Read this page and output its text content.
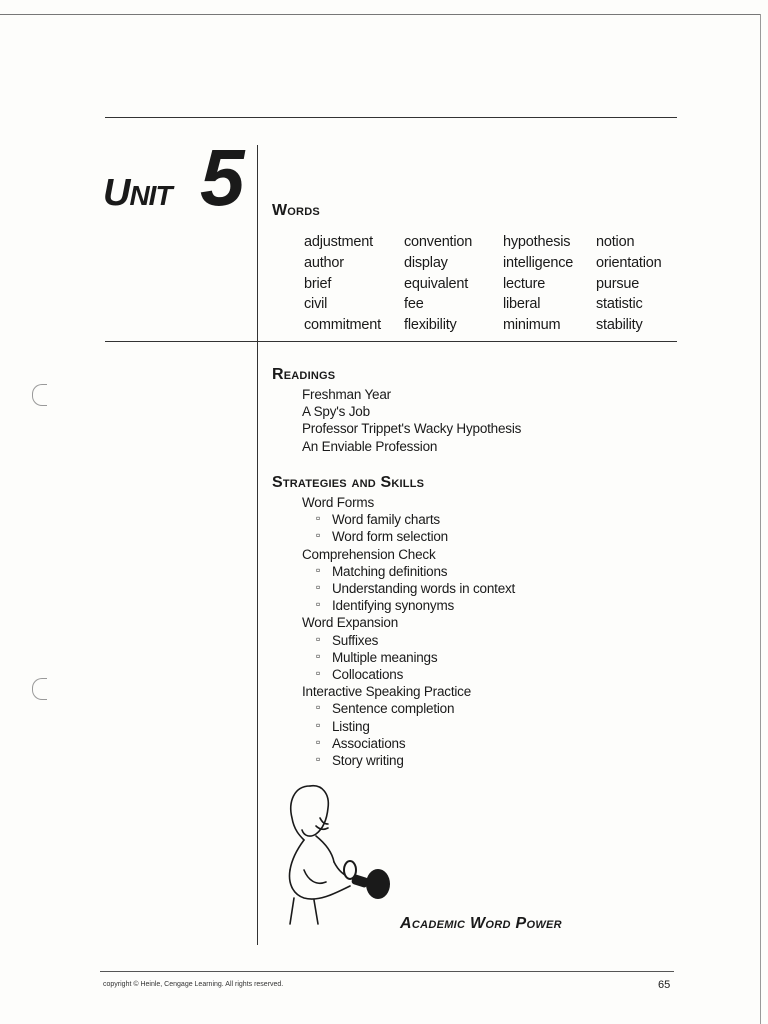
UNIT 5 Words
adjustment
author
brief
civil
commitment
convention
display
equivalent
fee
flexibility
hypothesis
intelligence
lecture
liberal
minimum
notion
orientation
pursue
statistic
stability
Readings
Freshman Year
A Spy's Job
Professor Trippet's Wacky Hypothesis
An Enviable Profession
Strategies and Skills
Word Forms
▫ Word family charts
▫ Word form selection
Comprehension Check
▫ Matching definitions
▫ Understanding words in context
▫ Identifying synonyms
Word Expansion
▫ Suffixes
▫ Multiple meanings
▫ Collocations
Interactive Speaking Practice
▫ Sentence completion
▫ Listing
▫ Associations
▫ Story writing
Academic Word Power
copyright © Heinle, Cengage Learning. All rights reserved.	65
